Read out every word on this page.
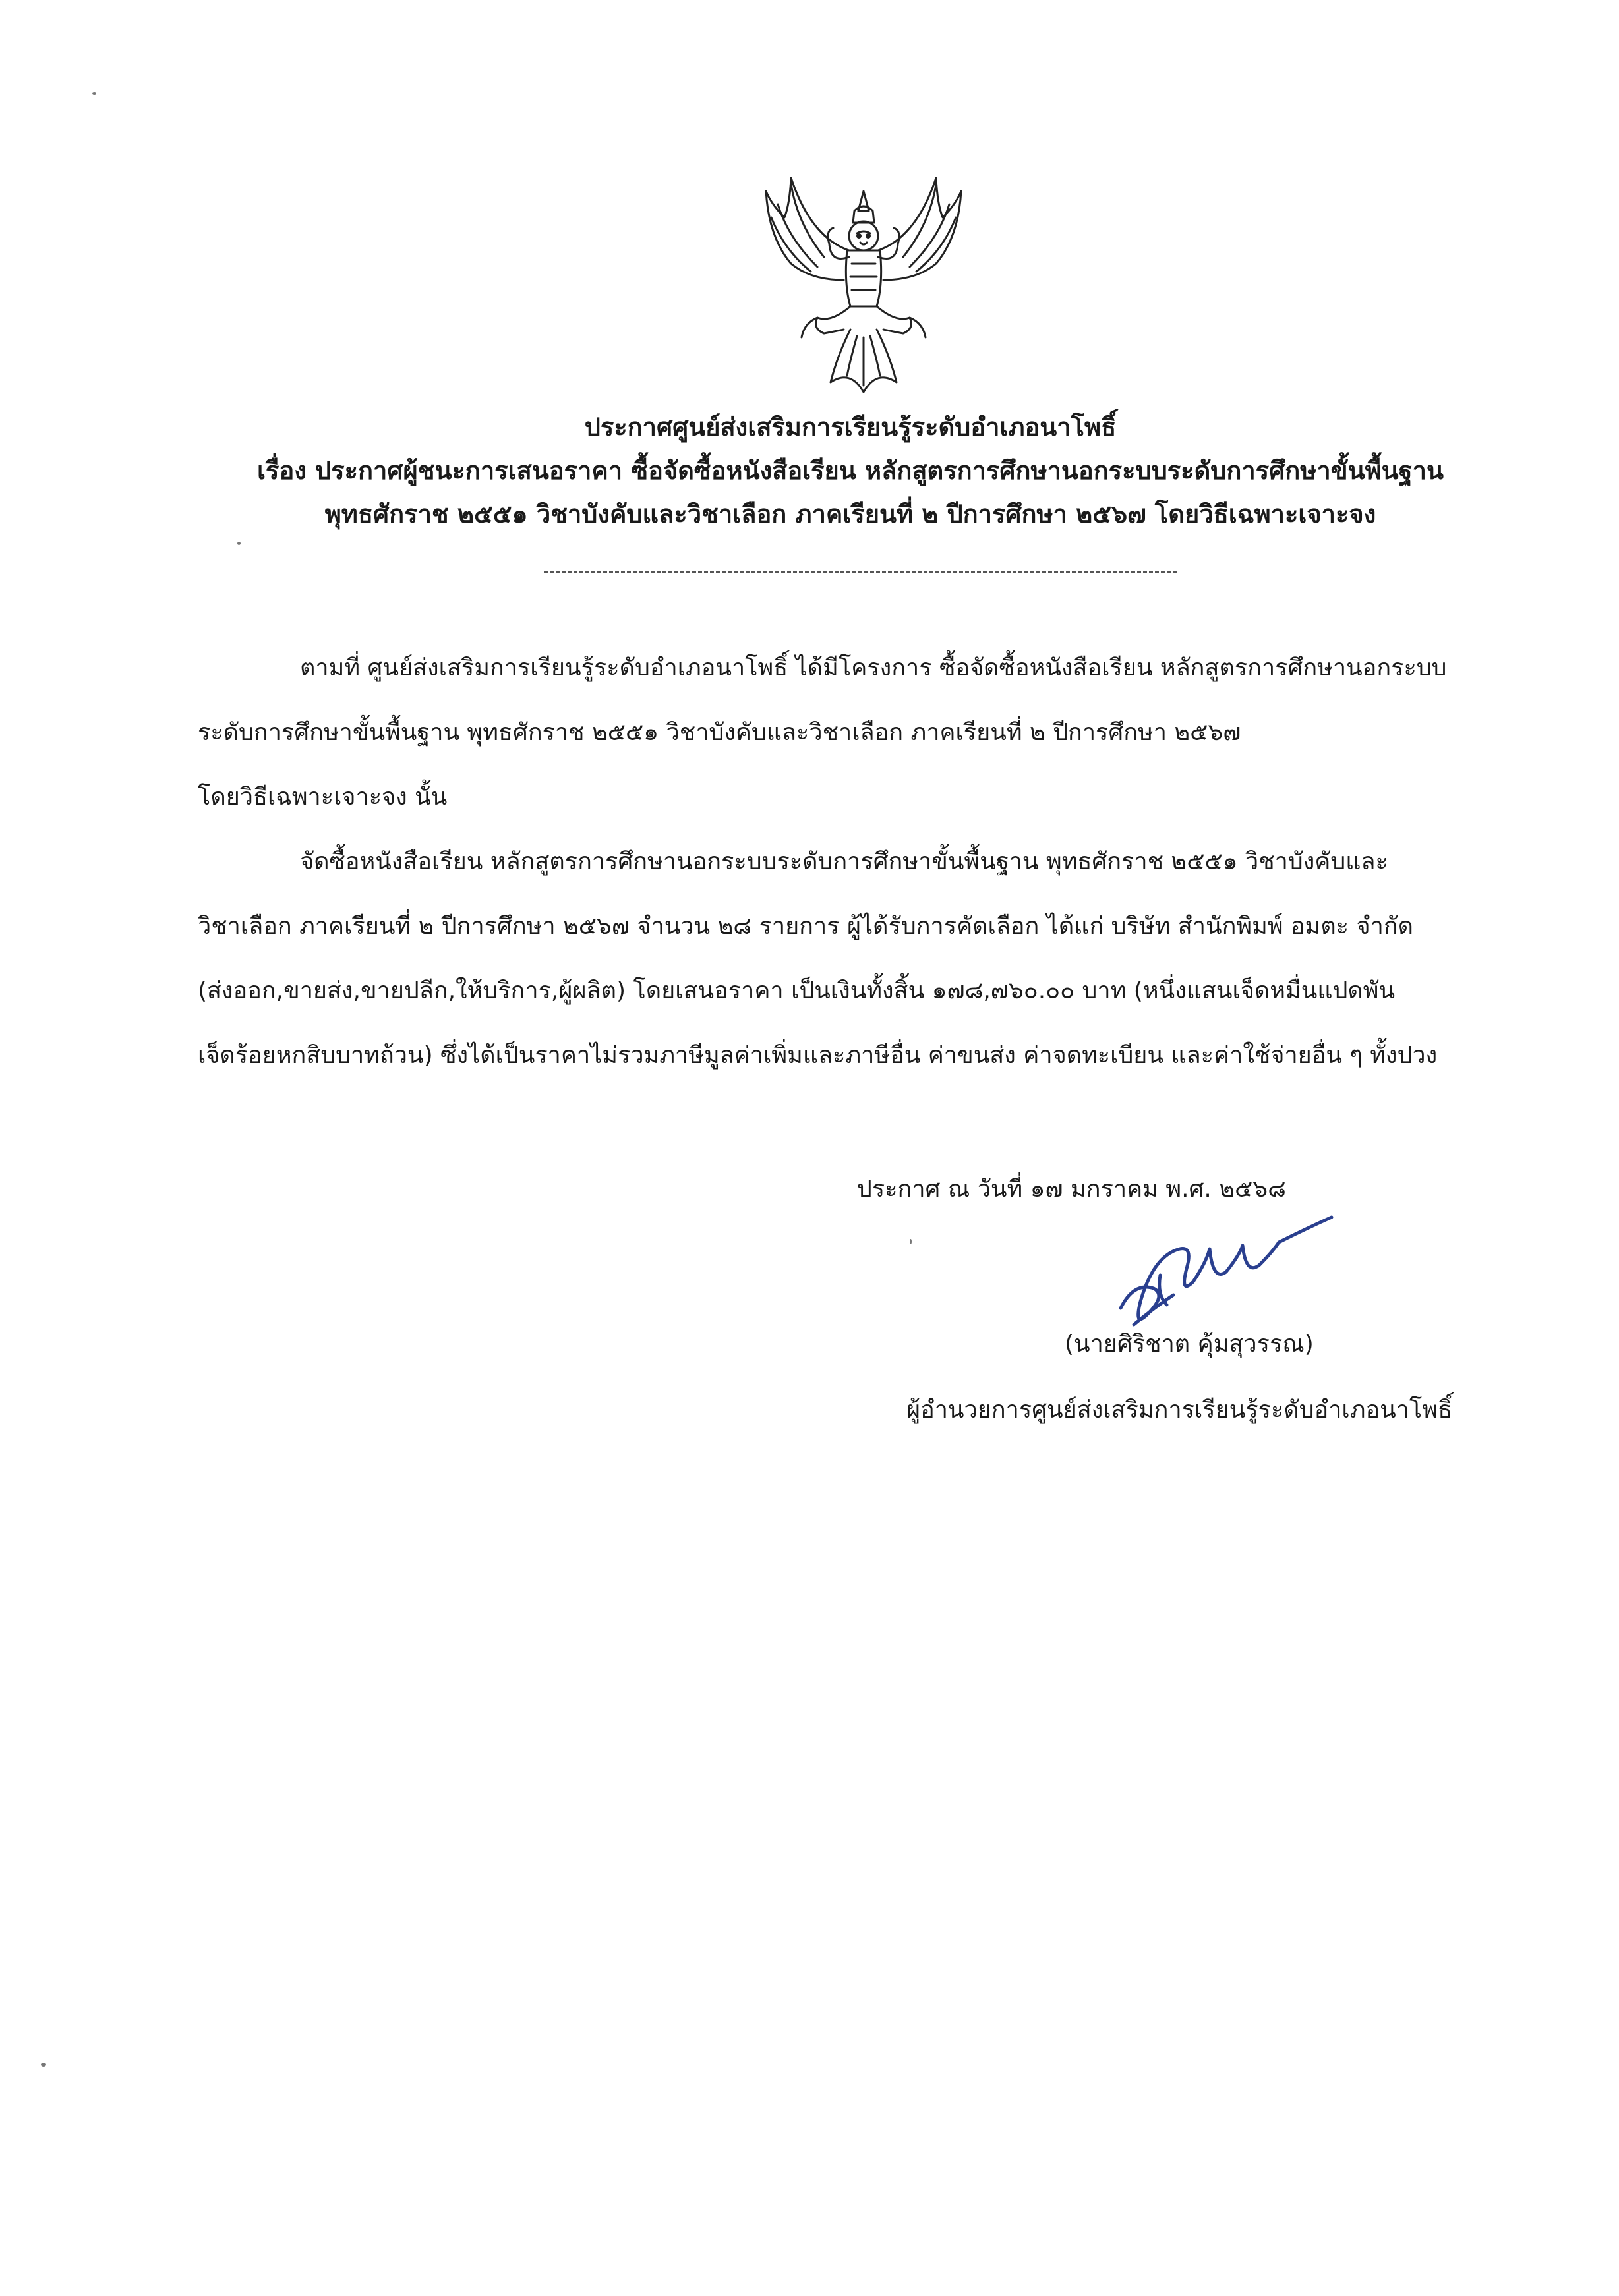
ประกาศศูนย์ส่งเสริมการเรียนรู้ระดับอำเภอนาโพธิ์
เรื่อง ประกาศผู้ชนะการเสนอราคา ซื้อจัดซื้อหนังสือเรียน หลักสูตรการศึกษานอกระบบระดับการศึกษาขั้นพื้นฐาน
พุทธศักราช ๒๕๕๑ วิชาบังคับและวิชาเลือก ภาคเรียนที่ ๒ ปีการศึกษา ๒๕๖๗ โดยวิธีเฉพาะเจาะจง
ตามที่ ศูนย์ส่งเสริมการเรียนรู้ระดับอำเภอนาโพธิ์ ได้มีโครงการ ซื้อจัดซื้อหนังสือเรียน หลักสูตรการศึกษานอกระบบ
ระดับการศึกษาขั้นพื้นฐาน พุทธศักราช ๒๕๕๑ วิชาบังคับและวิชาเลือก ภาคเรียนที่ ๒ ปีการศึกษา ๒๕๖๗
โดยวิธีเฉพาะเจาะจง นั้น
จัดซื้อหนังสือเรียน หลักสูตรการศึกษานอกระบบระดับการศึกษาขั้นพื้นฐาน พุทธศักราช ๒๕๕๑ วิชาบังคับและ
วิชาเลือก ภาคเรียนที่ ๒ ปีการศึกษา ๒๕๖๗ จำนวน ๒๘ รายการ ผู้ได้รับการคัดเลือก ได้แก่ บริษัท สำนักพิมพ์ อมตะ จำกัด
(ส่งออก,ขายส่ง,ขายปลีก,ให้บริการ,ผู้ผลิต) โดยเสนอราคา เป็นเงินทั้งสิ้น ๑๗๘,๗๖๐.๐๐ บาท (หนึ่งแสนเจ็ดหมื่นแปดพัน
เจ็ดร้อยหกสิบบาทถ้วน) ซึ่งได้เป็นราคาไม่รวมภาษีมูลค่าเพิ่มและภาษีอื่น ค่าขนส่ง ค่าจดทะเบียน และค่าใช้จ่ายอื่น ๆ ทั้งปวง
ประกาศ ณ วันที่ ๑๗ มกราคม พ.ศ. ๒๕๖๘
(นายศิริชาต คุ้มสุวรรณ)
ผู้อำนวยการศูนย์ส่งเสริมการเรียนรู้ระดับอำเภอนาโพธิ์
